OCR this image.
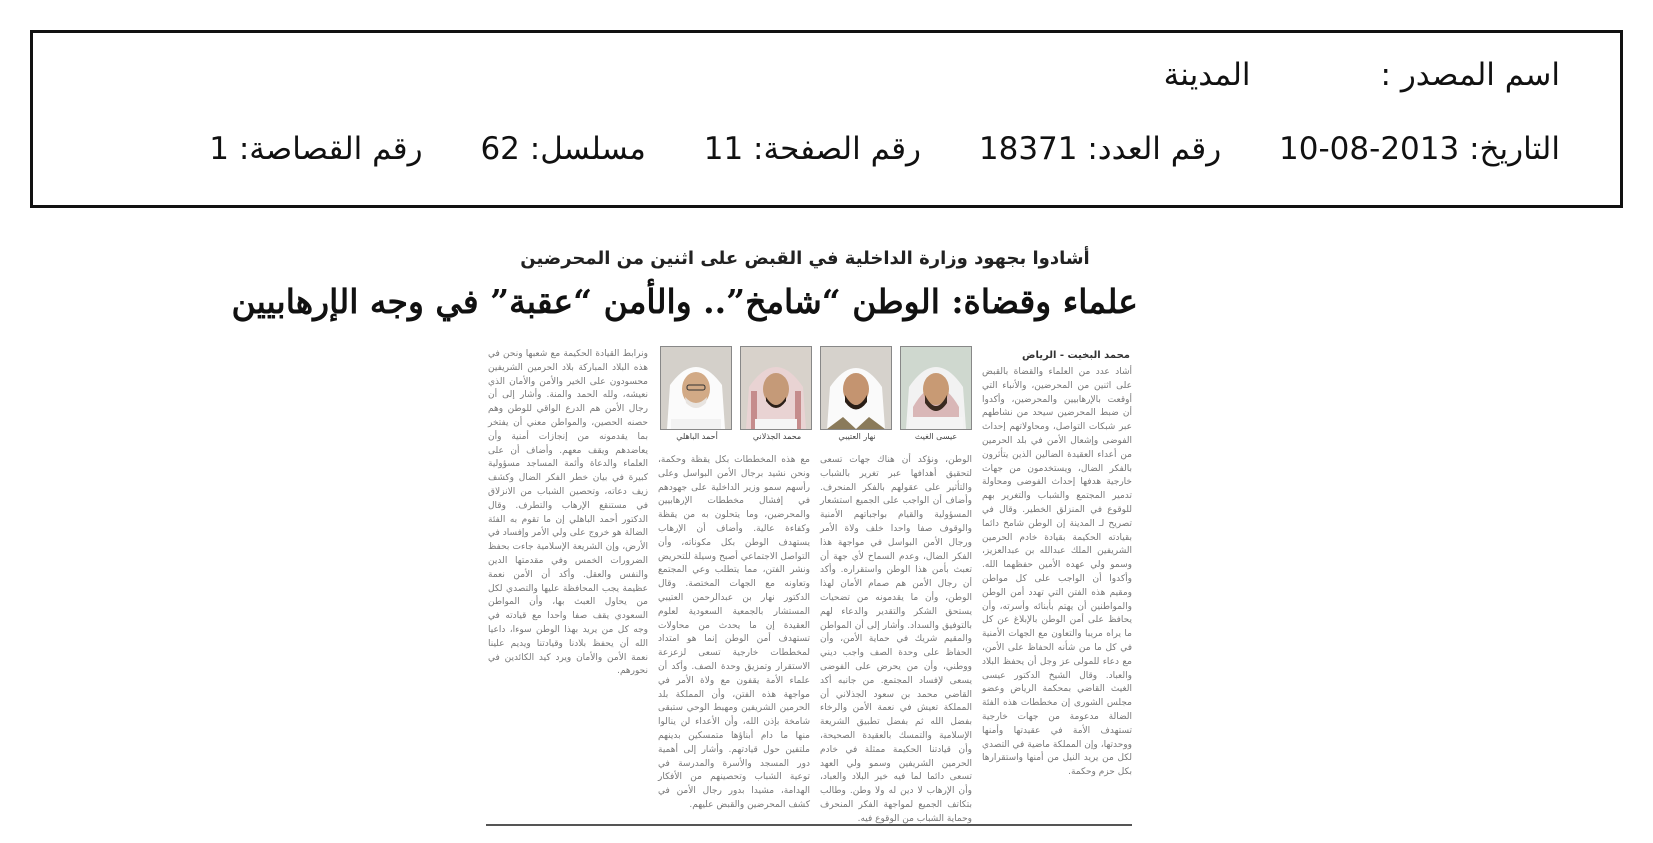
اسم المصدر :المدينة
التاريخ: 2013-08-10 رقم العدد: 18371 رقم الصفحة: 11 مسلسل: 62 رقم القصاصة: 1
أشادوا بجهود وزارة الداخلية في القبض على اثنين من المحرضين
علماء وقضاة: الوطن “شامخ”.. والأمن “عقبة” في وجه الإرهابيين
محمد البخيت - الرياض
أشاد عدد من العلماء والقضاة بالقبض على اثنين من المحرضين، والأنباء التي أوقعت بالإرهابيين والمحرضين، وأكدوا أن ضبط المحرضين سيحد من نشاطهم عبر شبكات التواصل، ومحاولاتهم إحداث الفوضى وإشعال الأمن في بلد الحرمين من أعداء العقيدة الضالين الذين يتأثرون بالفكر الضال، ويستخدمون من جهات خارجية هدفها إحداث الفوضى ومحاولة تدمير المجتمع والشباب والتغرير بهم للوقوع في المنزلق الخطير. وقال في تصريح لـ المدينة إن الوطن شامخ دائما بقيادته الحكيمة بقيادة خادم الحرمين الشريفين الملك عبدالله بن عبدالعزيز، وسمو ولي عهده الأمين حفظهما الله. وأكدوا أن الواجب على كل مواطن ومقيم هذه الفتن التي تهدد أمن الوطن والمواطنين أن يهتم بأبنائه وأسرته، وأن يحافظ على أمن الوطن بالإبلاغ عن كل ما يراه مريبا والتعاون مع الجهات الأمنية في كل ما من شأنه الحفاظ على الأمن، مع دعاء للمولى عز وجل أن يحفظ البلاد والعباد. وقال الشيخ الدكتور عيسى الغيث القاضي بمحكمة الرياض وعضو مجلس الشورى إن مخططات هذه الفئة الضالة مدعومة من جهات خارجية تستهدف الأمة في عقيدتها وأمنها ووحدتها، وإن المملكة ماضية في التصدي لكل من يريد النيل من أمنها واستقرارها بكل حزم وحكمة.
عيسى الغيث
نهار العتيبي
محمد الجذلاني
أحمد الباهلي
الوطن، ونؤكد أن هناك جهات تسعى لتحقيق أهدافها عبر تغرير بالشباب والتأثير على عقولهم بالفكر المنحرف. وأضاف أن الواجب على الجميع استشعار المسؤولية والقيام بواجباتهم الأمنية والوقوف صفا واحدا خلف ولاة الأمر ورجال الأمن البواسل في مواجهة هذا الفكر الضال، وعدم السماح لأي جهة أن تعبث بأمن هذا الوطن واستقراره. وأكد أن رجال الأمن هم صمام الأمان لهذا الوطن، وأن ما يقدمونه من تضحيات يستحق الشكر والتقدير والدعاء لهم بالتوفيق والسداد. وأشار إلى أن المواطن والمقيم شريك في حماية الأمن، وأن الحفاظ على وحدة الصف واجب ديني ووطني، وأن من يحرض على الفوضى يسعى لإفساد المجتمع. من جانبه أكد القاضي محمد بن سعود الجذلاني أن المملكة تعيش في نعمة الأمن والرخاء بفضل الله ثم بفضل تطبيق الشريعة الإسلامية والتمسك بالعقيدة الصحيحة، وأن قيادتنا الحكيمة ممثلة في خادم الحرمين الشريفين وسمو ولي العهد تسعى دائما لما فيه خير البلاد والعباد، وأن الإرهاب لا دين له ولا وطن. وطالب بتكاتف الجميع لمواجهة الفكر المنحرف وحماية الشباب من الوقوع فيه.
مع هذه المخططات بكل يقظة وحكمة، ونحن نشيد برجال الأمن البواسل وعلى رأسهم سمو وزير الداخلية على جهودهم في إفشال مخططات الإرهابيين والمحرضين، وما يتحلون به من يقظة وكفاءة عالية. وأضاف أن الإرهاب يستهدف الوطن بكل مكوناته، وأن التواصل الاجتماعي أصبح وسيلة للتحريض ونشر الفتن، مما يتطلب وعي المجتمع وتعاونه مع الجهات المختصة. وقال الدكتور نهار بن عبدالرحمن العتيبي المستشار بالجمعية السعودية لعلوم العقيدة إن ما يحدث من محاولات تستهدف أمن الوطن إنما هو امتداد لمخططات خارجية تسعى لزعزعة الاستقرار وتمزيق وحدة الصف. وأكد أن علماء الأمة يقفون مع ولاة الأمر في مواجهة هذه الفتن، وأن المملكة بلد الحرمين الشريفين ومهبط الوحي ستبقى شامخة بإذن الله، وأن الأعداء لن ينالوا منها ما دام أبناؤها متمسكين بدينهم ملتفين حول قيادتهم. وأشار إلى أهمية دور المسجد والأسرة والمدرسة في توعية الشباب وتحصينهم من الأفكار الهدامة، مشيدا بدور رجال الأمن في كشف المحرضين والقبض عليهم.
ونرابط القيادة الحكيمة مع شعبها ونحن في هذه البلاد المباركة بلاد الحرمين الشريفين محسودون على الخير والأمن والأمان الذي نعيشه، ولله الحمد والمنة. وأشار إلى أن رجال الأمن هم الدرع الواقي للوطن وهم حصنه الحصين، والمواطن معني أن يفتخر بما يقدمونه من إنجازات أمنية وأن يعاضدهم ويقف معهم. وأضاف أن على العلماء والدعاة وأئمة المساجد مسؤولية كبيرة في بيان خطر الفكر الضال وكشف زيف دعاته، وتحصين الشباب من الانزلاق في مستنقع الإرهاب والتطرف. وقال الدكتور أحمد الباهلي إن ما تقوم به الفئة الضالة هو خروج على ولي الأمر وإفساد في الأرض، وإن الشريعة الإسلامية جاءت بحفظ الضرورات الخمس وفي مقدمتها الدين والنفس والعقل. وأكد أن الأمن نعمة عظيمة يجب المحافظة عليها والتصدي لكل من يحاول العبث بها، وأن المواطن السعودي يقف صفا واحدا مع قيادته في وجه كل من يريد بهذا الوطن سوءا، داعيا الله أن يحفظ بلادنا وقيادتنا ويديم علينا نعمة الأمن والأمان ويرد كيد الكائدين في نحورهم.
